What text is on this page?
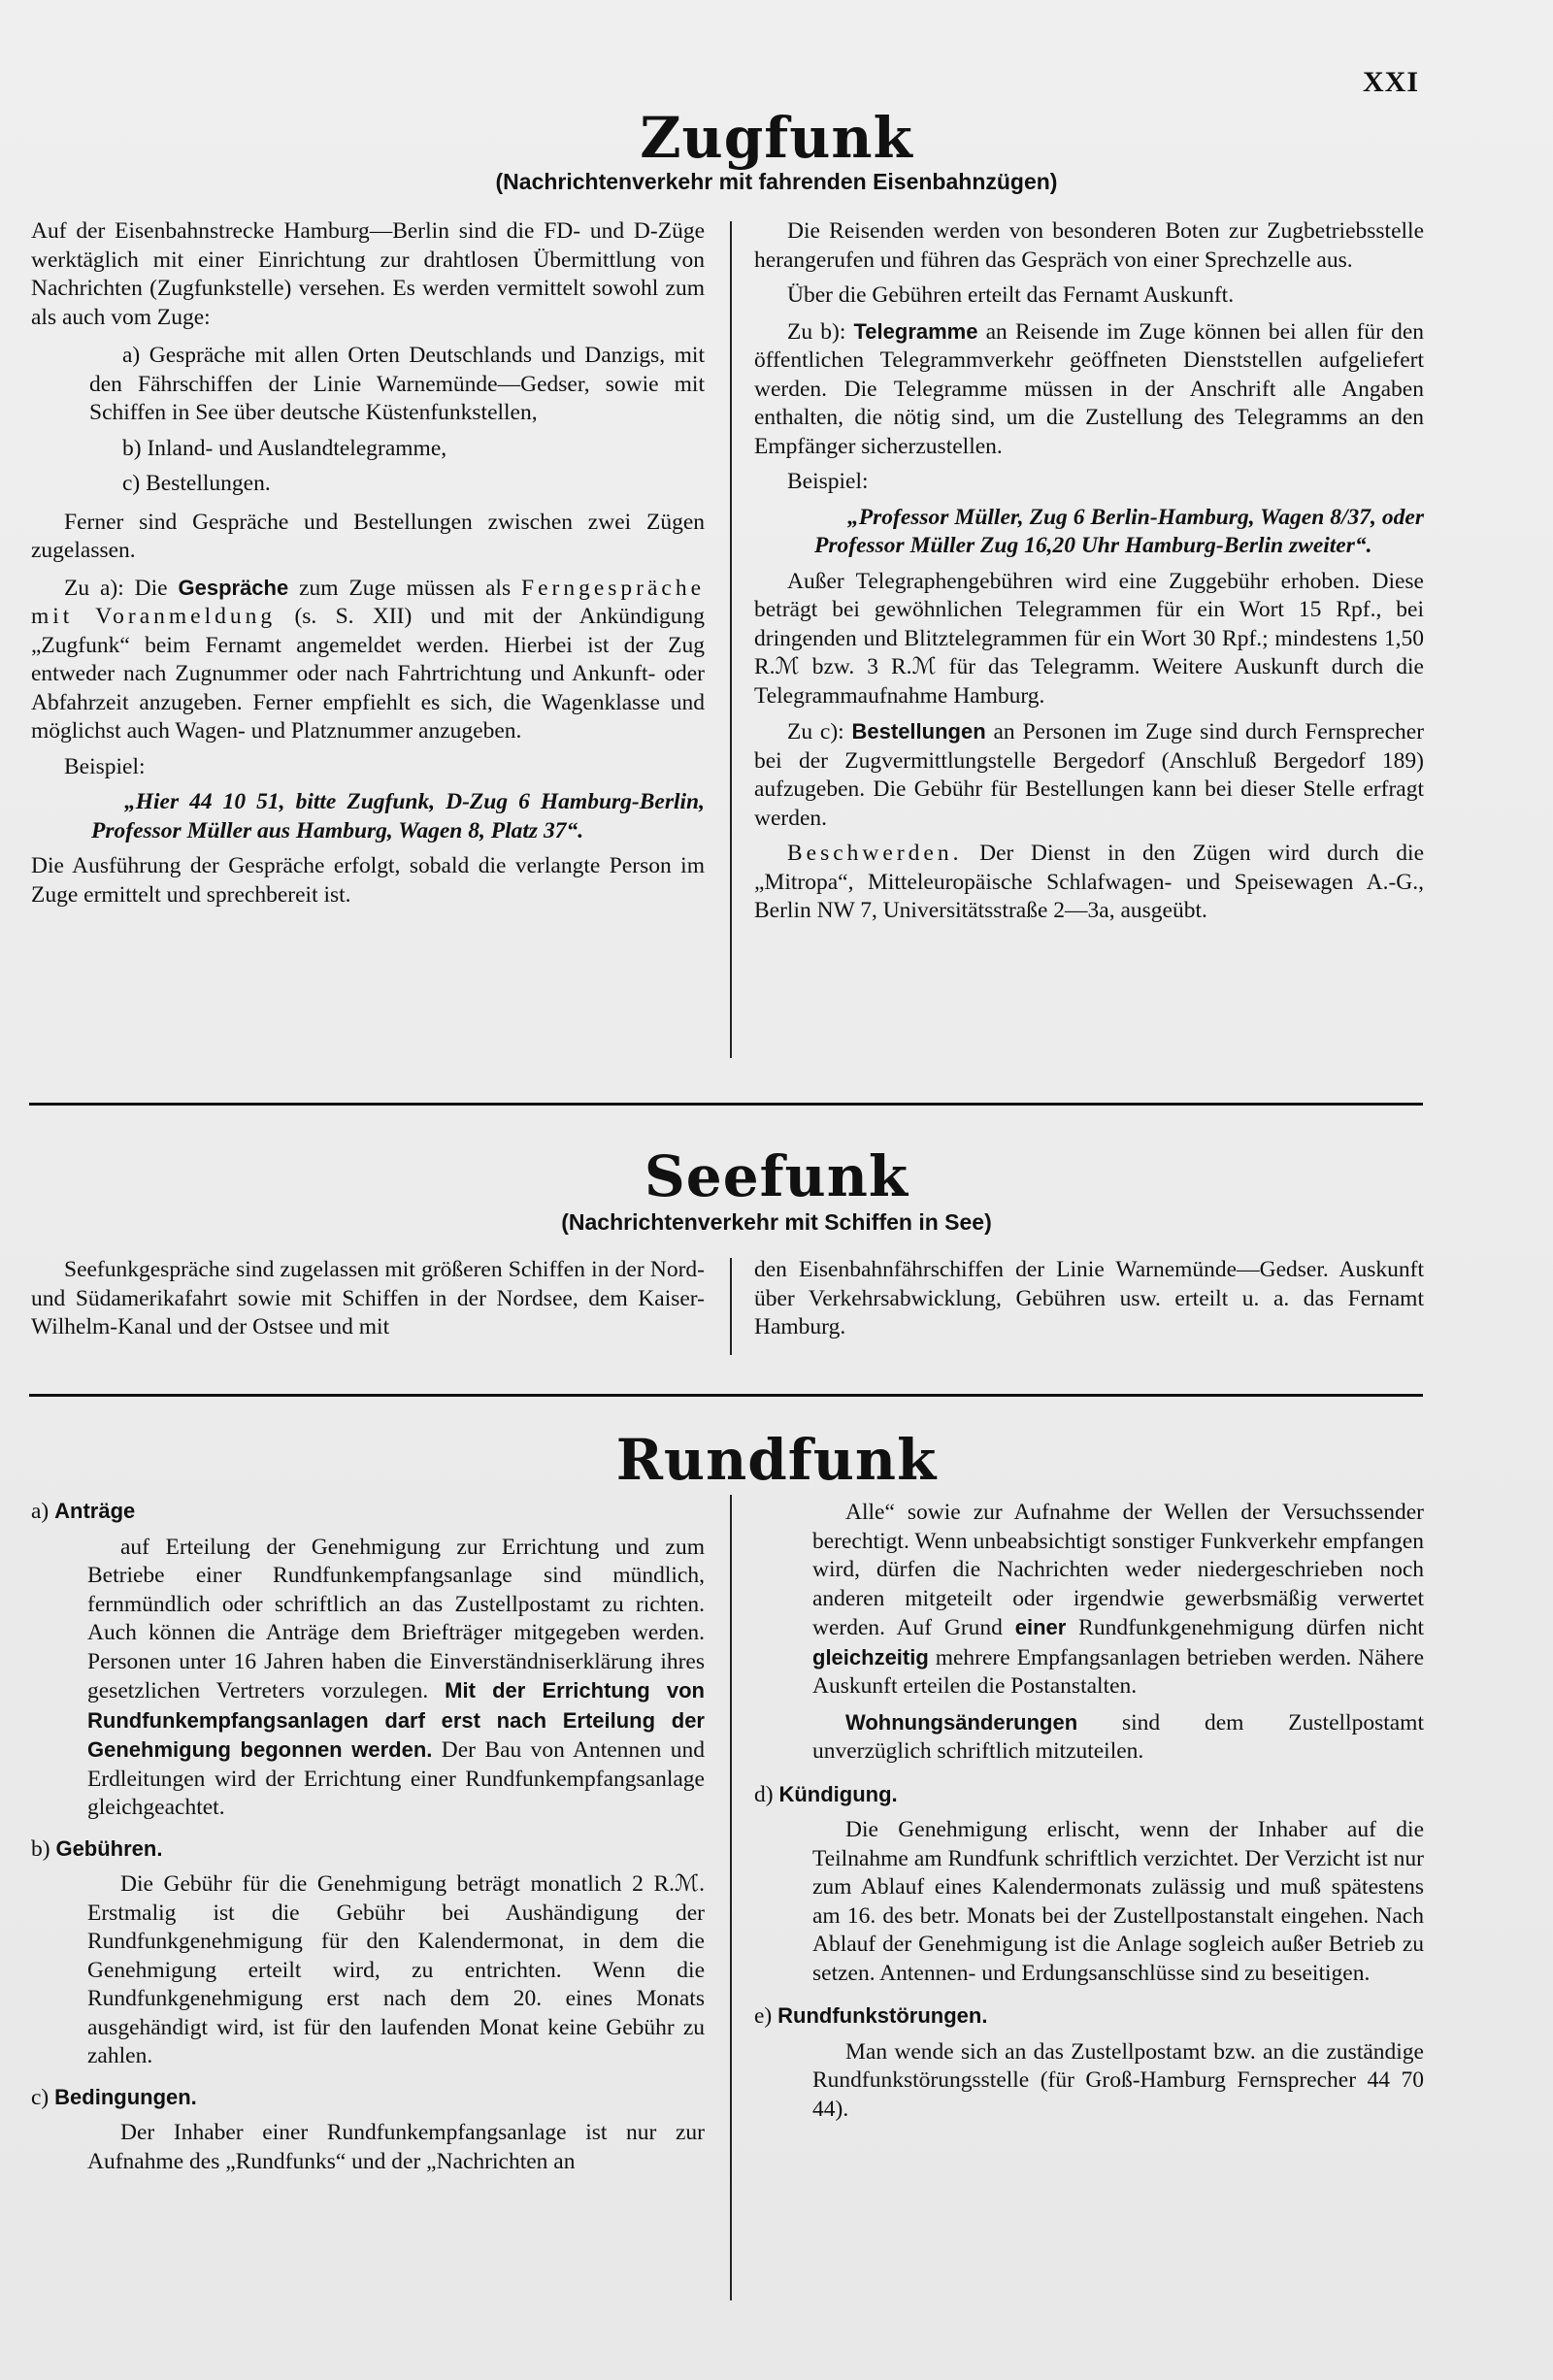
XXI
Zugfunk
(Nachrichtenverkehr mit fahrenden Eisenbahnzügen)

Auf der Eisenbahnstrecke Hamburg—Berlin sind die FD- und D-Züge werktäglich mit einer Einrichtung zur drahtlosen Übermittlung von Nachrichten (Zugfunkstelle) versehen. Es werden vermittelt sowohl zum als auch vom Zuge:

a) Gespräche mit allen Orten Deutschlands und Danzigs, mit den Fährschiffen der Linie Warnemünde—Gedser, sowie mit Schiffen in See über deutsche Küstenfunkstellen,

b) Inland- und Auslandtelegramme,

c) Bestellungen.

Ferner sind Gespräche und Bestellungen zwischen zwei Zügen zugelassen.

Zu a): Die Gespräche zum Zuge müssen als Ferngespräche mit Voranmeldung (s. S. XII) und mit der Ankündigung „Zugfunk“ beim Fernamt angemeldet werden. Hierbei ist der Zug entweder nach Zugnummer oder nach Fahrtrichtung und Ankunft- oder Abfahrzeit anzugeben. Ferner empfiehlt es sich, die Wagenklasse und möglichst auch Wagen- und Platznummer anzugeben.

Beispiel:

„Hier 44 10 51, bitte Zugfunk, D-Zug 6 Hamburg-Berlin, Professor Müller aus Hamburg, Wagen 8, Platz 37“.

Die Ausführung der Gespräche erfolgt, sobald die verlangte Person im Zuge ermittelt und sprechbereit ist.

Die Reisenden werden von besonderen Boten zur Zugbetriebsstelle herangerufen und führen das Gespräch von einer Sprechzelle aus.

Über die Gebühren erteilt das Fernamt Auskunft.

Zu b): Telegramme an Reisende im Zuge können bei allen für den öffentlichen Telegrammverkehr geöffneten Dienststellen aufgeliefert werden. Die Telegramme müssen in der Anschrift alle Angaben enthalten, die nötig sind, um die Zustellung des Telegramms an den Empfänger sicherzustellen.

Beispiel:

„Professor Müller, Zug 6 Berlin-Hamburg, Wagen 8/37, oder Professor Müller Zug 16,20 Uhr Hamburg-Berlin zweiter“.

Außer Telegraphengebühren wird eine Zuggebühr erhoben. Diese beträgt bei gewöhnlichen Telegrammen für ein Wort 15 Rpf., bei dringenden und Blitztelegrammen für ein Wort 30 Rpf.; mindestens 1,50 R.ℳ bzw. 3 R.ℳ für das Telegramm. Weitere Auskunft durch die Telegrammaufnahme Hamburg.

Zu c): Bestellungen an Personen im Zuge sind durch Fernsprecher bei der Zugvermittlungstelle Bergedorf (Anschluß Bergedorf 189) aufzugeben. Die Gebühr für Bestellungen kann bei dieser Stelle erfragt werden.

Beschwerden. Der Dienst in den Zügen wird durch die „Mitropa“, Mitteleuropäische Schlafwagen- und Speisewagen A.-G., Berlin NW 7, Universitätsstraße 2—3a, ausgeübt.

Seefunk
(Nachrichtenverkehr mit Schiffen in See)

Seefunkgespräche sind zugelassen mit größeren Schiffen in der Nord- und Südamerikafahrt sowie mit Schiffen in der Nordsee, dem Kaiser-Wilhelm-Kanal und der Ostsee und mit

den Eisenbahnfährschiffen der Linie Warnemünde—Gedser. Auskunft über Verkehrsabwicklung, Gebühren usw. erteilt u. a. das Fernamt Hamburg.

Rundfunk

a) Anträge

auf Erteilung der Genehmigung zur Errichtung und zum Betriebe einer Rundfunkempfangsanlage sind mündlich, fernmündlich oder schriftlich an das Zustellpostamt zu richten. Auch können die Anträge dem Briefträger mitgegeben werden. Personen unter 16 Jahren haben die Einverständniserklärung ihres gesetzlichen Vertreters vorzulegen. Mit der Errichtung von Rundfunkempfangsanlagen darf erst nach Erteilung der Genehmigung begonnen werden. Der Bau von Antennen und Erdleitungen wird der Errichtung einer Rundfunkempfangsanlage gleichgeachtet.

b) Gebühren.

Die Gebühr für die Genehmigung beträgt monatlich 2 R.ℳ. Erstmalig ist die Gebühr bei Aushändigung der Rundfunkgenehmigung für den Kalendermonat, in dem die Genehmigung erteilt wird, zu entrichten. Wenn die Rundfunkgenehmigung erst nach dem 20. eines Monats ausgehändigt wird, ist für den laufenden Monat keine Gebühr zu zahlen.

c) Bedingungen.

Der Inhaber einer Rundfunkempfangsanlage ist nur zur Aufnahme des „Rundfunks“ und der „Nachrichten an

Alle“ sowie zur Aufnahme der Wellen der Versuchssender berechtigt. Wenn unbeabsichtigt sonstiger Funkverkehr empfangen wird, dürfen die Nachrichten weder niedergeschrieben noch anderen mitgeteilt oder irgendwie gewerbsmäßig verwertet werden. Auf Grund einer Rundfunkgenehmigung dürfen nicht gleichzeitig mehrere Empfangsanlagen betrieben werden. Nähere Auskunft erteilen die Postanstalten.

Wohnungsänderungen sind dem Zustellpostamt unverzüglich schriftlich mitzuteilen.

d) Kündigung.

Die Genehmigung erlischt, wenn der Inhaber auf die Teilnahme am Rundfunk schriftlich verzichtet. Der Verzicht ist nur zum Ablauf eines Kalendermonats zulässig und muß spätestens am 16. des betr. Monats bei der Zustellpostanstalt eingehen. Nach Ablauf der Genehmigung ist die Anlage sogleich außer Betrieb zu setzen. Antennen- und Erdungsanschlüsse sind zu beseitigen.

e) Rundfunkstörungen.

Man wende sich an das Zustellpostamt bzw. an die zuständige Rundfunkstörungsstelle (für Groß-Hamburg Fernsprecher 44 70 44).
